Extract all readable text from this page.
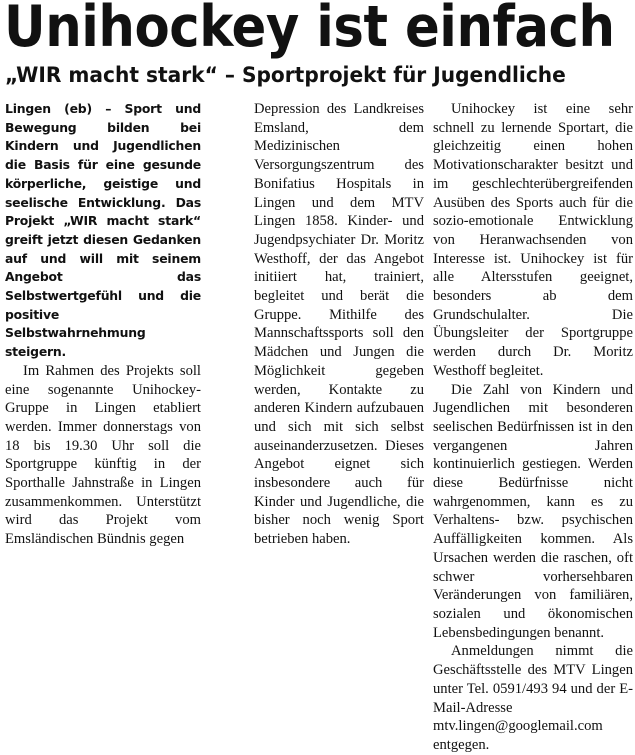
Unihockey ist einfach
„WIR macht stark“ – Sportprojekt für Jugendliche

Lingen (eb) – Sport und Bewegung bilden bei Kindern und Jugendlichen die Basis für eine gesunde körperliche, geistige und seelische Entwicklung. Das Projekt „WIR macht stark“ greift jetzt diesen Gedanken auf und will mit seinem Angebot das Selbstwertgefühl und die positive Selbstwahrnehmung steigern.

Im Rahmen des Projekts soll eine sogenannte Unihockey-Gruppe in Lingen etabliert werden. Immer donnerstags von 18 bis 19.30 Uhr soll die Sportgruppe künftig in der Sporthalle Jahnstraße in Lingen zusammenkommen. Unterstützt wird das Projekt vom Emsländischen Bündnis gegen

Depression des Landkreises Emsland, dem Medizinischen Versorgungszentrum des Bonifatius Hospitals in Lingen und dem MTV Lingen 1858. Kinder- und Jugendpsychiater Dr. Moritz Westhoff, der das Angebot initiiert hat, trainiert, begleitet und berät die Gruppe. Mithilfe des Mannschaftssports soll den Mädchen und Jungen die Möglichkeit gegeben werden, Kontakte zu anderen Kindern aufzubauen und sich mit sich selbst auseinanderzusetzen. Dieses Angebot eignet sich insbesondere auch für Kinder und Jugendliche, die bisher noch wenig Sport betrieben haben.

Unihockey ist eine sehr schnell zu lernende Sportart, die gleichzeitig einen hohen Motivationscharakter besitzt und im geschlechterübergreifenden Ausüben des Sports auch für die sozio-emotionale Entwicklung von Heranwachsenden von Interesse ist. Unihockey ist für alle Altersstufen geeignet, besonders ab dem Grundschulalter. Die Übungsleiter der Sportgruppe werden durch Dr. Moritz Westhoff begleitet.

Die Zahl von Kindern und Jugendlichen mit besonderen seelischen Bedürfnissen ist in den vergangenen Jahren kontinuierlich gestiegen. Werden diese Bedürfnisse nicht wahrgenommen, kann es zu Verhaltens- bzw. psychischen Auffälligkeiten kommen. Als Ursachen werden die raschen, oft schwer vorhersehbaren Veränderungen von familiären, sozialen und ökonomischen Lebensbedingungen benannt.

Anmeldungen nimmt die Geschäftsstelle des MTV Lingen unter Tel. 0591/493 94 und der E-Mail-Adresse mtv.lingen@googlemail.com entgegen.
